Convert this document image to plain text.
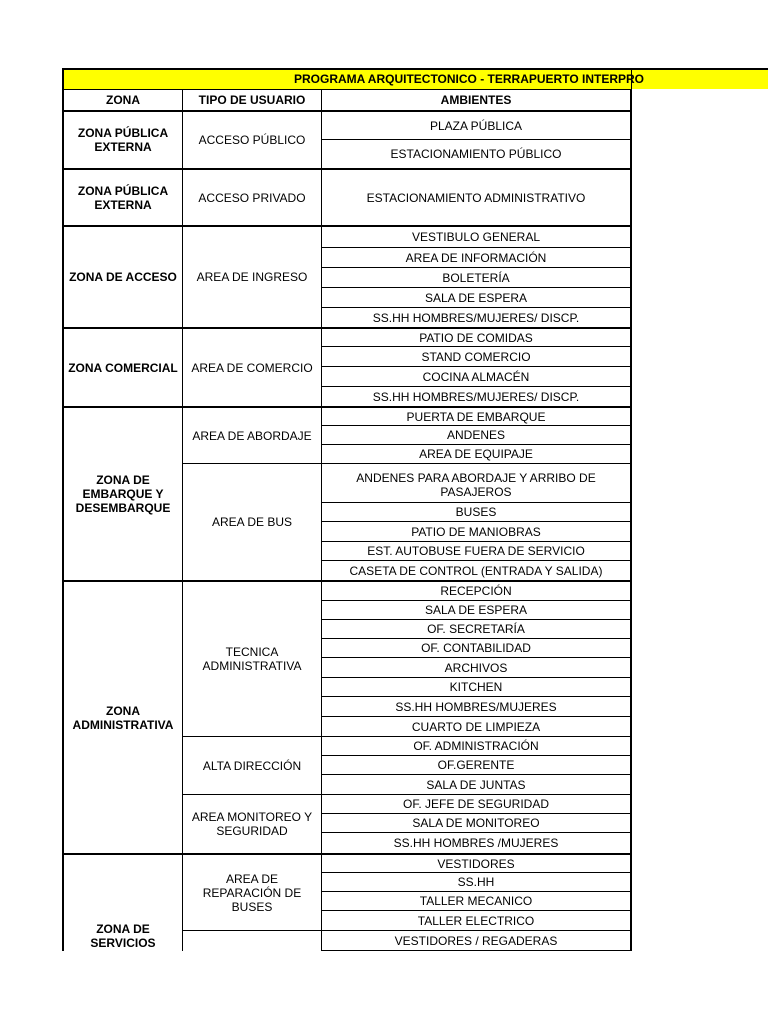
PROGRAMA ARQUITECTONICO - TERRAPUERTO INTERPRO
ZONA	TIPO DE USUARIO	AMBIENTES
ZONA PÚBLICA EXTERNA
ZONA PÚBLICA EXTERNA
ZONA DE ACCESO
ZONA COMERCIAL
ZONA DE EMBARQUE Y DESEMBARQUE
ZONA ADMINISTRATIVA
ZONA DE SERVICIOS
ACCESO PÚBLICO
ACCESO PRIVADO
AREA DE INGRESO
AREA DE COMERCIO
AREA DE ABORDAJE
AREA DE BUS
TECNICA ADMINISTRATIVA
ALTA DIRECCIÓN
AREA MONITOREO Y SEGURIDAD
AREA DE REPARACIÓN DE BUSES
PLAZA PÚBLICA
ESTACIONAMIENTO PÚBLICO
ESTACIONAMIENTO ADMINISTRATIVO
VESTIBULO GENERAL
AREA DE INFORMACIÓN
BOLETERÍA
SALA DE ESPERA
SS.HH HOMBRES/MUJERES/ DISCP.
PATIO DE COMIDAS
STAND COMERCIO
COCINA ALMACÉN
SS.HH HOMBRES/MUJERES/ DISCP.
PUERTA DE EMBARQUE
ANDENES
AREA DE EQUIPAJE
ANDENES PARA ABORDAJE Y ARRIBO DE PASAJEROS
BUSES
PATIO DE MANIOBRAS
EST. AUTOBUSE FUERA DE SERVICIO
CASETA DE CONTROL (ENTRADA Y SALIDA)
RECEPCIÓN
SALA DE ESPERA
OF. SECRETARÍA
OF. CONTABILIDAD
ARCHIVOS
KITCHEN
SS.HH HOMBRES/MUJERES
CUARTO DE LIMPIEZA
OF. ADMINISTRACIÓN
OF.GERENTE
SALA DE JUNTAS
OF. JEFE DE SEGURIDAD
SALA DE MONITOREO
SS.HH HOMBRES /MUJERES
VESTIDORES
SS.HH
TALLER MECANICO
TALLER ELECTRICO
VESTIDORES / REGADERAS
